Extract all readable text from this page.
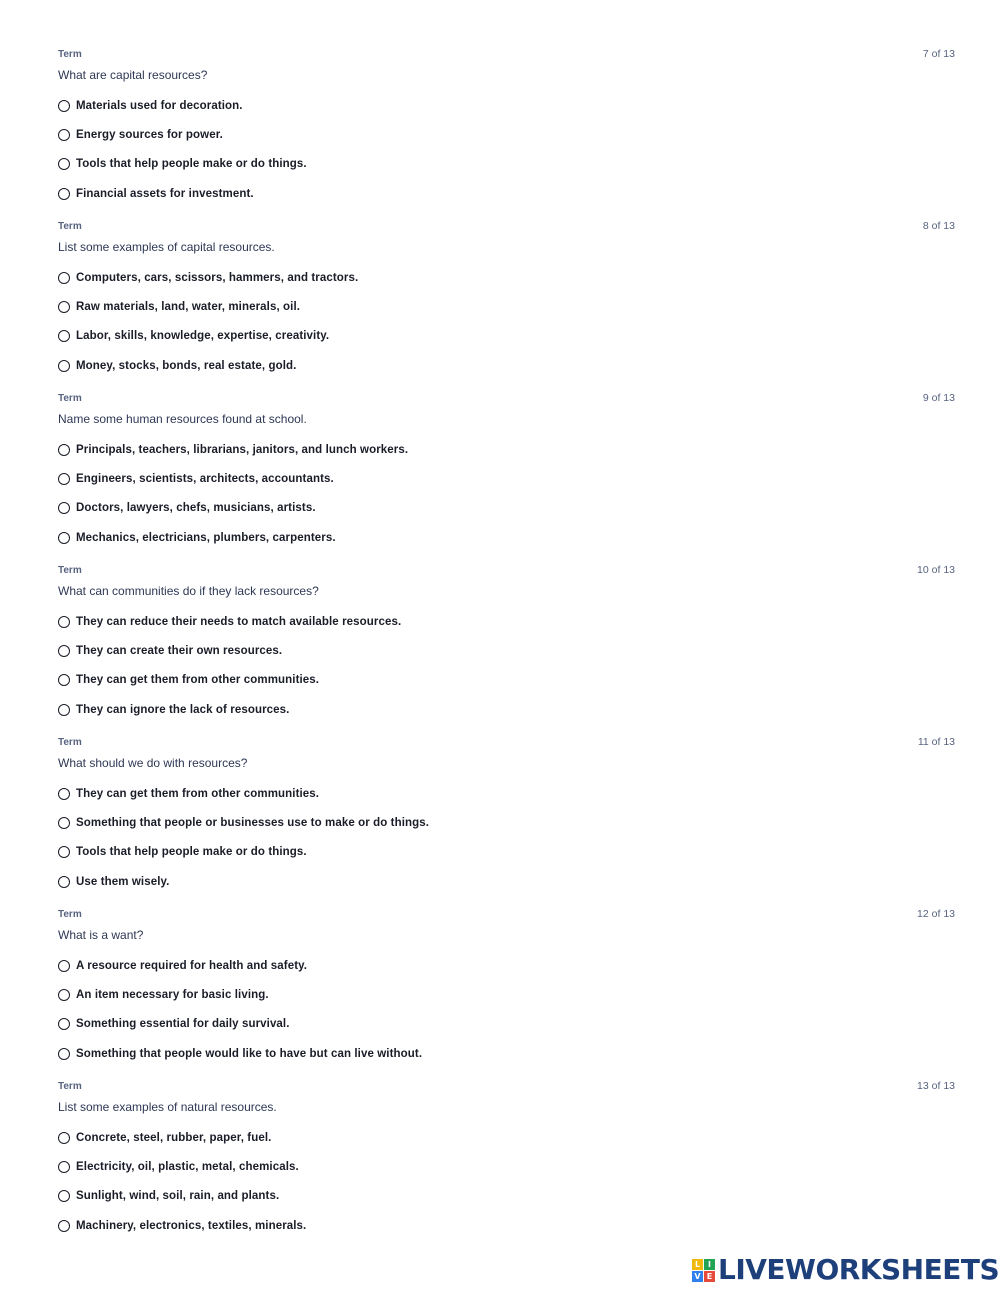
Term	7 of 13
What are capital resources?
Materials used for decoration.
Energy sources for power.
Tools that help people make or do things.
Financial assets for investment.
Term	8 of 13
List some examples of capital resources.
Computers, cars, scissors, hammers, and tractors.
Raw materials, land, water, minerals, oil.
Labor, skills, knowledge, expertise, creativity.
Money, stocks, bonds, real estate, gold.
Term	9 of 13
Name some human resources found at school.
Principals, teachers, librarians, janitors, and lunch workers.
Engineers, scientists, architects, accountants.
Doctors, lawyers, chefs, musicians, artists.
Mechanics, electricians, plumbers, carpenters.
Term	10 of 13
What can communities do if they lack resources?
They can reduce their needs to match available resources.
They can create their own resources.
They can get them from other communities.
They can ignore the lack of resources.
Term	11 of 13
What should we do with resources?
They can get them from other communities.
Something that people or businesses use to make or do things.
Tools that help people make or do things.
Use them wisely.
Term	12 of 13
What is a want?
A resource required for health and safety.
An item necessary for basic living.
Something essential for daily survival.
Something that people would like to have but can live without.
Term	13 of 13
List some examples of natural resources.
Concrete, steel, rubber, paper, fuel.
Electricity, oil, plastic, metal, chemicals.
Sunlight, wind, soil, rain, and plants.
Machinery, electronics, textiles, minerals.
L I
V E LIVEWORKSHEETS
